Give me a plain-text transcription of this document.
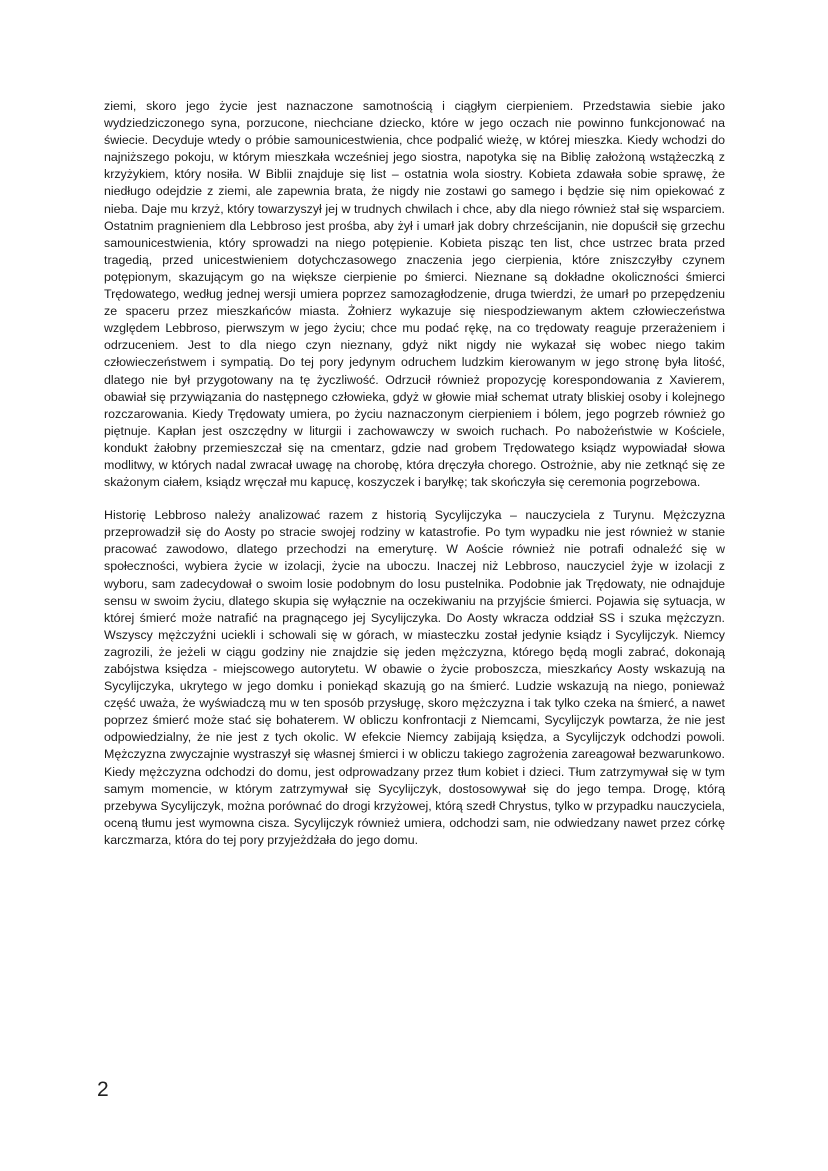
ziemi, skoro jego życie jest naznaczone samotnością i ciągłym cierpieniem. Przedstawia siebie jako wydziedziczonego syna, porzucone, niechciane dziecko, które w jego oczach nie powinno funkcjonować na świecie. Decyduje wtedy o próbie samounicestwienia, chce podpalić wieżę, w której mieszka. Kiedy wchodzi do najniższego pokoju, w którym mieszkała wcześniej jego siostra, napotyka się na Biblię założoną wstążeczką z krzyżykiem, który nosiła. W Biblii znajduje się list – ostatnia wola siostry. Kobieta zdawała sobie sprawę, że niedługo odejdzie z ziemi, ale zapewnia brata, że nigdy nie zostawi go samego i będzie się nim opiekować z nieba. Daje mu krzyż, który towarzyszył jej w trudnych chwilach i chce, aby dla niego również stał się wsparciem. Ostatnim pragnieniem dla Lebbroso jest prośba, aby żył i umarł jak dobry chrześcijanin, nie dopuścił się grzechu samounicestwienia, który sprowadzi na niego potępienie. Kobieta pisząc ten list, chce ustrzec brata przed tragedią, przed unicestwieniem dotychczasowego znaczenia jego cierpienia, które zniszczyłby czynem potępionym, skazującym go na większe cierpienie po śmierci. Nieznane są dokładne okoliczności śmierci Trędowatego, według jednej wersji umiera poprzez samozagłodzenie, druga twierdzi, że umarł po przepędzeniu ze spaceru przez mieszkańców miasta. Żołnierz wykazuje się niespodziewanym aktem człowieczeństwa względem Lebbroso, pierwszym w jego życiu; chce mu podać rękę, na co trędowaty reaguje przerażeniem i odrzuceniem. Jest to dla niego czyn nieznany, gdyż nikt nigdy nie wykazał się wobec niego takim człowieczeństwem i sympatią. Do tej pory jedynym odruchem ludzkim kierowanym w jego stronę była litość, dlatego nie był przygotowany na tę życzliwość. Odrzucił również propozycję korespondowania z Xavierem, obawiał się przywiązania do następnego człowieka, gdyż w głowie miał schemat utraty bliskiej osoby i kolejnego rozczarowania. Kiedy Trędowaty umiera, po życiu naznaczonym cierpieniem i bólem, jego pogrzeb również go piętnuje. Kapłan jest oszczędny w liturgii i zachowawczy w swoich ruchach. Po nabożeństwie w Kościele, kondukt żałobny przemieszczał się na cmentarz, gdzie nad grobem Trędowatego ksiądz wypowiadał słowa modlitwy, w których nadal zwracał uwagę na chorobę, która dręczyła chorego. Ostrożnie, aby nie zetknąć się ze skażonym ciałem, ksiądz wręczał mu kapucę, koszyczek i baryłkę; tak skończyła się ceremonia pogrzebowa.

Historię Lebbroso należy analizować razem z historią Sycylijczyka – nauczyciela z Turynu. Mężczyzna przeprowadził się do Aosty po stracie swojej rodziny w katastrofie. Po tym wypadku nie jest również w stanie pracować zawodowo, dlatego przechodzi na emeryturę. W Aoście również nie potrafi odnaleźć się w społeczności, wybiera życie w izolacji, życie na uboczu. Inaczej niż Lebbroso, nauczyciel żyje w izolacji z wyboru, sam zadecydował o swoim losie podobnym do losu pustelnika. Podobnie jak Trędowaty, nie odnajduje sensu w swoim życiu, dlatego skupia się wyłącznie na oczekiwaniu na przyjście śmierci. Pojawia się sytuacja, w której śmierć może natrafić na pragnącego jej Sycylijczyka. Do Aosty wkracza oddział SS i szuka mężczyzn. Wszyscy mężczyźni uciekli i schowali się w górach, w miasteczku został jedynie ksiądz i Sycylijczyk. Niemcy zagrozili, że jeżeli w ciągu godziny nie znajdzie się jeden mężczyzna, którego będą mogli zabrać, dokonają zabójstwa księdza - miejscowego autorytetu. W obawie o życie proboszcza, mieszkańcy Aosty wskazują na Sycylijczyka, ukrytego w jego domku i poniekąd skazują go na śmierć. Ludzie wskazują na niego, ponieważ część uważa, że wyświadczą mu w ten sposób przysługę, skoro mężczyzna i tak tylko czeka na śmierć, a nawet poprzez śmierć może stać się bohaterem. W obliczu konfrontacji z Niemcami, Sycylijczyk powtarza, że nie jest odpowiedzialny, że nie jest z tych okolic. W efekcie Niemcy zabijają księdza, a Sycylijczyk odchodzi powoli. Mężczyzna zwyczajnie wystraszył się własnej śmierci i w obliczu takiego zagrożenia zareagował bezwarunkowo. Kiedy mężczyzna odchodzi do domu, jest odprowadzany przez tłum kobiet i dzieci. Tłum zatrzymywał się w tym samym momencie, w którym zatrzymywał się Sycylijczyk, dostosowywał się do jego tempa. Drogę, którą przebywa Sycylijczyk, można porównać do drogi krzyżowej, którą szedł Chrystus, tylko w przypadku nauczyciela, oceną tłumu jest wymowna cisza. Sycylijczyk również umiera, odchodzi sam, nie odwiedzany nawet przez córkę karczmarza, która do tej pory przyjeżdżała do jego domu.

2
